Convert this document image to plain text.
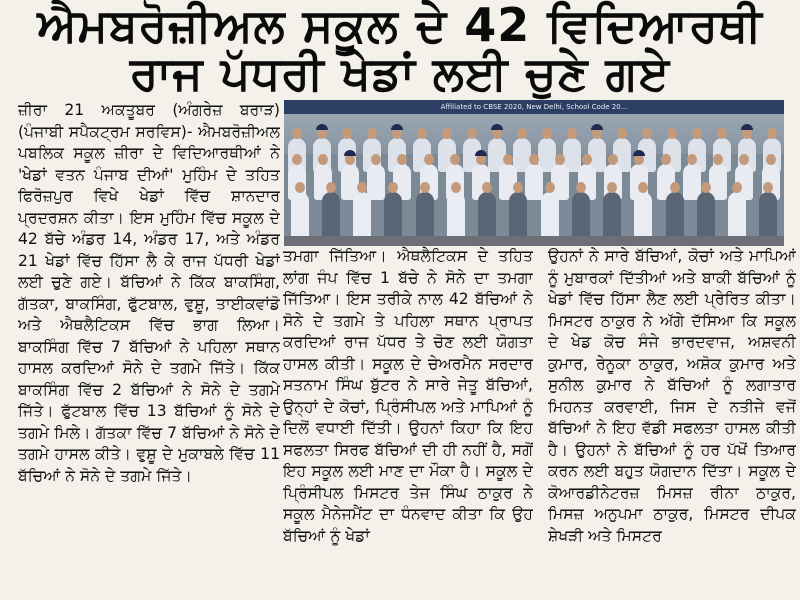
ਐਮਬਰੋਜ਼ੀਅਲ ਸਕੂਲ ਦੇ 42 ਵਿਦਿਆਰਥੀ
ਰਾਜ ਪੱਧਰੀ ਖੇਡਾਂ ਲਈ ਚੁਣੇ ਗਏ
Affiliated to CBSE 2020, New Delhi, School Code 20...

ਜ਼ੀਰਾ 21 ਅਕਤੂਬਰ (ਅੰਗਰੇਜ਼ ਬਰਾੜ) (ਪੰਜਾਬੀ ਸਪੈਕਟ੍ਰਮ ਸਰਵਿਸ)- ਐਮਬਰੋਜ਼ੀਅਲ ਪਬਲਿਕ ਸਕੂਲ ਜ਼ੀਰਾ ਦੇ ਵਿਦਿਆਰਥੀਆਂ ਨੇ 'ਖੇਡਾਂ ਵਤਨ ਪੰਜਾਬ ਦੀਆਂ' ਮੁਹਿੰਮ ਦੇ ਤਹਿਤ ਫਿਰੋਜ਼ਪੁਰ ਵਿਖੇ ਖੇਡਾਂ ਵਿੱਚ ਸ਼ਾਨਦਾਰ ਪ੍ਰਦਰਸ਼ਨ ਕੀਤਾ। ਇਸ ਮੁਹਿੰਮ ਵਿੱਚ ਸਕੂਲ ਦੇ 42 ਬੱਚੇ ਅੰਡਰ 14, ਅੰਡਰ 17, ਅਤੇ ਅੰਡਰ 21 ਖੇਡਾਂ ਵਿੱਚ ਹਿੱਸਾ ਲੈ ਕੇ ਰਾਜ ਪੱਧਰੀ ਖੇਡਾਂ ਲਈ ਚੁਣੇ ਗਏ। ਬੱਚਿਆਂ ਨੇ ਕਿੱਕ ਬਾਕਸਿੰਗ, ਗੱਤਕਾ, ਬਾਕਸਿੰਗ, ਫੁੱਟਬਾਲ, ਵੁਸ਼ੂ, ਤਾਈਕਵਾਂਡੋ ਅਤੇ ਐਥਲੈਟਿਕਸ ਵਿੱਚ ਭਾਗ ਲਿਆ। ਬਾਕਸਿੰਗ ਵਿੱਚ 7 ਬੱਚਿਆਂ ਨੇ ਪਹਿਲਾ ਸਥਾਨ ਹਾਸਲ ਕਰਦਿਆਂ ਸੋਨੇ ਦੇ ਤਗਮੇ ਜਿੱਤੇ। ਕਿੱਕ ਬਾਕਸਿੰਗ ਵਿੱਚ 2 ਬੱਚਿਆਂ ਨੇ ਸੋਨੇ ਦੇ ਤਗਮੇ ਜਿੱਤੇ। ਫੁੱਟਬਾਲ ਵਿੱਚ 13 ਬੱਚਿਆਂ ਨੂੰ ਸੋਨੇ ਦੇ ਤਗਮੇ ਮਿਲੇ। ਗੱਤਕਾ ਵਿੱਚ 7 ਬੱਚਿਆਂ ਨੇ ਸੋਨੇ ਦੇ ਤਗਮੇ ਹਾਸਲ ਕੀਤੇ। ਵੁਸ਼ੂ ਦੇ ਮੁਕਾਬਲੇ ਵਿੱਚ 11 ਬੱਚਿਆਂ ਨੇ ਸੋਨੇ ਦੇ ਤਗਮੇ ਜਿੱਤੇ।

ਤਮਗਾ ਜਿੱਤਿਆ। ਐਥਲੈਟਿਕਸ ਦੇ ਤਹਿਤ ਲਾਂਗ ਜੰਪ ਵਿੱਚ 1 ਬੱਚੇ ਨੇ ਸੋਨੇ ਦਾ ਤਮਗਾ ਜਿੱਤਿਆ। ਇਸ ਤਰੀਕੇ ਨਾਲ 42 ਬੱਚਿਆਂ ਨੇ ਸੋਨੇ ਦੇ ਤਗਮੇ ਤੇ ਪਹਿਲਾ ਸਥਾਨ ਪ੍ਰਾਪਤ ਕਰਦਿਆਂ ਰਾਜ ਪੱਧਰ ਤੇ ਚੋਣ ਲਈ ਯੋਗਤਾ ਹਾਸਲ ਕੀਤੀ। ਸਕੂਲ ਦੇ ਚੇਅਰਮੈਨ ਸਰਦਾਰ ਸਤਨਾਮ ਸਿੰਘ ਬੁੱਟਰ ਨੇ ਸਾਰੇ ਜੇਤੂ ਬੱਚਿਆਂ, ਉਨ੍ਹਾਂ ਦੇ ਕੋਚਾਂ, ਪ੍ਰਿੰਸੀਪਲ ਅਤੇ ਮਾਪਿਆਂ ਨੂੰ ਦਿਲੋਂ ਵਧਾਈ ਦਿੱਤੀ। ਉਹਨਾਂ ਕਿਹਾ ਕਿ ਇਹ ਸਫਲਤਾ ਸਿਰਫ ਬੱਚਿਆਂ ਦੀ ਹੀ ਨਹੀਂ ਹੈ, ਸਗੋਂ ਇਹ ਸਕੂਲ ਲਈ ਮਾਣ ਦਾ ਮੌਕਾ ਹੈ। ਸਕੂਲ ਦੇ ਪ੍ਰਿੰਸੀਪਲ ਮਿਸਟਰ ਤੇਜ ਸਿੰਘ ਠਾਕੁਰ ਨੇ ਸਕੂਲ ਮੈਨੇਜਮੈਂਟ ਦਾ ਧੰਨਵਾਦ ਕੀਤਾ ਕਿ ਉਹ ਬੱਚਿਆਂ ਨੂੰ ਖੇਡਾਂ

ਉਹਨਾਂ ਨੇ ਸਾਰੇ ਬੱਚਿਆਂ, ਕੋਚਾਂ ਅਤੇ ਮਾਪਿਆਂ ਨੂੰ ਮੁਬਾਰਕਾਂ ਦਿੱਤੀਆਂ ਅਤੇ ਬਾਕੀ ਬੱਚਿਆਂ ਨੂੰ ਖੇਡਾਂ ਵਿੱਚ ਹਿੱਸਾ ਲੈਣ ਲਈ ਪ੍ਰੇਰਿਤ ਕੀਤਾ। ਮਿਸਟਰ ਠਾਕੁਰ ਨੇ ਅੱਗੇ ਦੱਸਿਆ ਕਿ ਸਕੂਲ ਦੇ ਖੇਡ ਕੋਚ ਸੰਜੇ ਭਾਰਦਵਾਜ, ਅਸ਼ਵਨੀ ਕੁਮਾਰ, ਰੇਨੂਕਾ ਠਾਕੁਰ, ਅਸ਼ੋਕ ਕੁਮਾਰ ਅਤੇ ਸੁਨੀਲ ਕੁਮਾਰ ਨੇ ਬੱਚਿਆਂ ਨੂੰ ਲਗਾਤਾਰ ਮਿਹਨਤ ਕਰਵਾਈ, ਜਿਸ ਦੇ ਨਤੀਜੇ ਵਜੋਂ ਬੱਚਿਆਂ ਨੇ ਇਹ ਵੱਡੀ ਸਫਲਤਾ ਹਾਸਲ ਕੀਤੀ ਹੈ। ਉਹਨਾਂ ਨੇ ਬੱਚਿਆਂ ਨੂੰ ਹਰ ਪੱਖੋਂ ਤਿਆਰ ਕਰਨ ਲਈ ਬਹੁਤ ਯੋਗਦਾਨ ਦਿੱਤਾ। ਸਕੂਲ ਦੇ ਕੋਆਰਡੀਨੇਟਰਜ਼ ਮਿਸਜ਼ ਰੀਨਾ ਠਾਕੁਰ, ਮਿਸਜ਼ ਅਨੁਪਮਾ ਠਾਕੁਰ, ਮਿਸਟਰ ਦੀਪਕ ਸ਼ੇਖੜੀ ਅਤੇ ਮਿਸਟਰ
